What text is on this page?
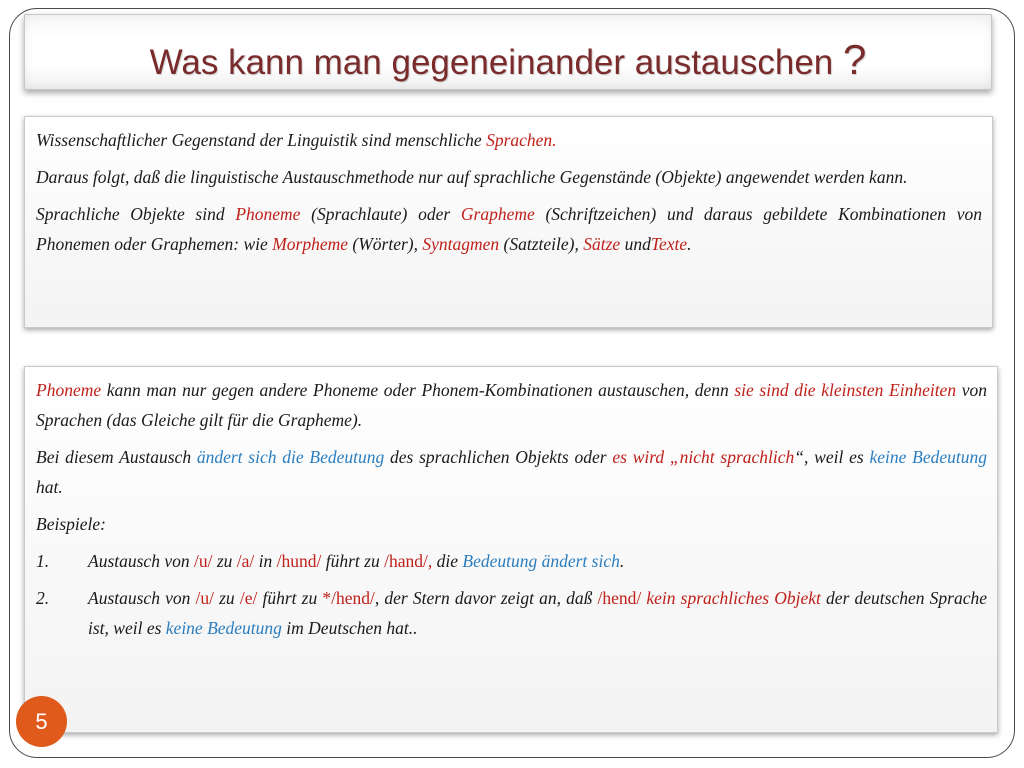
Was kann man gegeneinander austauschen ?

Wissenschaftlicher Gegenstand der Linguistik sind menschliche Sprachen.

Daraus folgt, daß die linguistische Austauschmethode nur auf sprachliche Gegenstände (Objekte) angewendet werden kann.

Sprachliche Objekte sind Phoneme (Sprachlaute) oder Grapheme (Schriftzeichen) und daraus gebildete Kombinationen von Phonemen oder Graphemen: wie Morpheme (Wörter), Syntagmen (Satzteile), Sätze undTexte.

Phoneme kann man nur gegen andere Phoneme oder Phonem-Kombinationen austauschen, denn sie sind die kleinsten Einheiten von Sprachen (das Gleiche gilt für die Grapheme).

Bei diesem Austausch ändert sich die Bedeutung des sprachlichen Objekts oder es wird „nicht sprachlich“, weil es keine Bedeutung hat.

Beispiele:

1.	Austausch von /u/ zu /a/ in /hund/ führt zu /hand/, die Bedeutung ändert sich.
2.	Austausch von /u/ zu /e/ führt zu */hend/, der Stern davor zeigt an, daß /hend/ kein sprachliches Objekt der deutschen Sprache ist, weil es keine Bedeutung im Deutschen hat..
5
